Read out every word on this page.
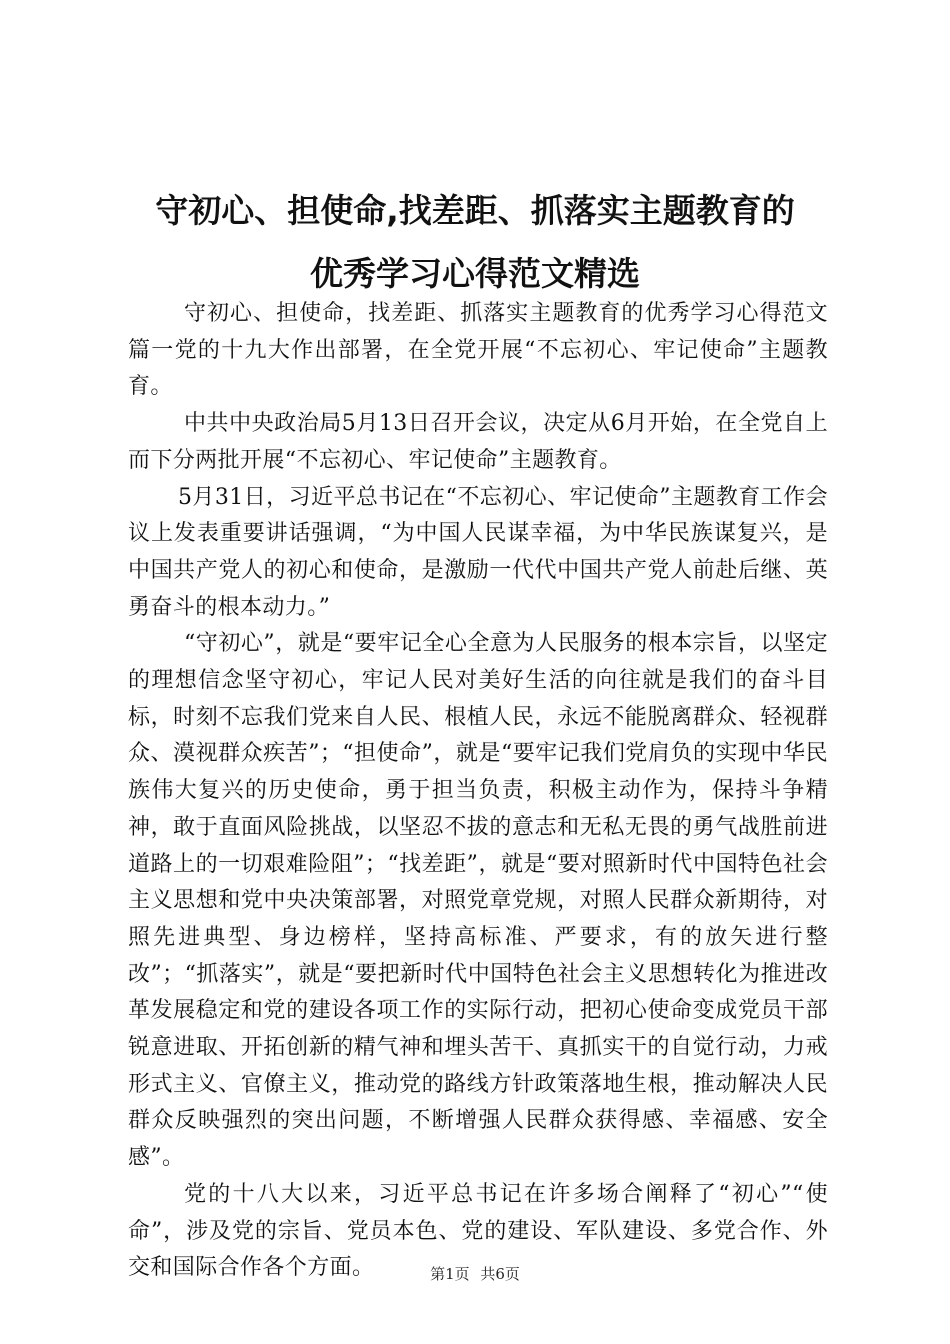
守初心、担使命,找差距、抓落实主题教育的
优秀学习心得范文精选

守初心、担使命，找差距、抓落实主题教育的优秀学习心得范文篇一党的十九大作出部署，在全党开展“不忘初心、牢记使命”主题教育。

中共中央政治局5月13日召开会议，决定从6月开始，在全党自上而下分两批开展“不忘初心、牢记使命”主题教育。

5月31日，习近平总书记在“不忘初心、牢记使命”主题教育工作会议上发表重要讲话强调，“为中国人民谋幸福，为中华民族谋复兴，是中国共产党人的初心和使命，是激励一代代中国共产党人前赴后继、英勇奋斗的根本动力。”

“守初心”，就是“要牢记全心全意为人民服务的根本宗旨，以坚定的理想信念坚守初心，牢记人民对美好生活的向往就是我们的奋斗目标，时刻不忘我们党来自人民、根植人民，永远不能脱离群众、轻视群众、漠视群众疾苦”；“担使命”，就是“要牢记我们党肩负的实现中华民族伟大复兴的历史使命，勇于担当负责，积极主动作为，保持斗争精神，敢于直面风险挑战，以坚忍不拔的意志和无私无畏的勇气战胜前进道路上的一切艰难险阻”；“找差距”，就是“要对照新时代中国特色社会主义思想和党中央决策部署，对照党章党规，对照人民群众新期待，对照先进典型、身边榜样，坚持高标准、严要求，有的放矢进行整改”；“抓落实”，就是“要把新时代中国特色社会主义思想转化为推进改革发展稳定和党的建设各项工作的实际行动，把初心使命变成党员干部锐意进取、开拓创新的精气神和埋头苦干、真抓实干的自觉行动，力戒形式主义、官僚主义，推动党的路线方针政策落地生根，推动解决人民群众反映强烈的突出问题，不断增强人民群众获得感、幸福感、安全感”。

党的十八大以来，习近平总书记在许多场合阐释了“初心”“使命”，涉及党的宗旨、党员本色、党的建设、军队建设、多党合作、外交和国际合作各个方面。	第1页 共6页
